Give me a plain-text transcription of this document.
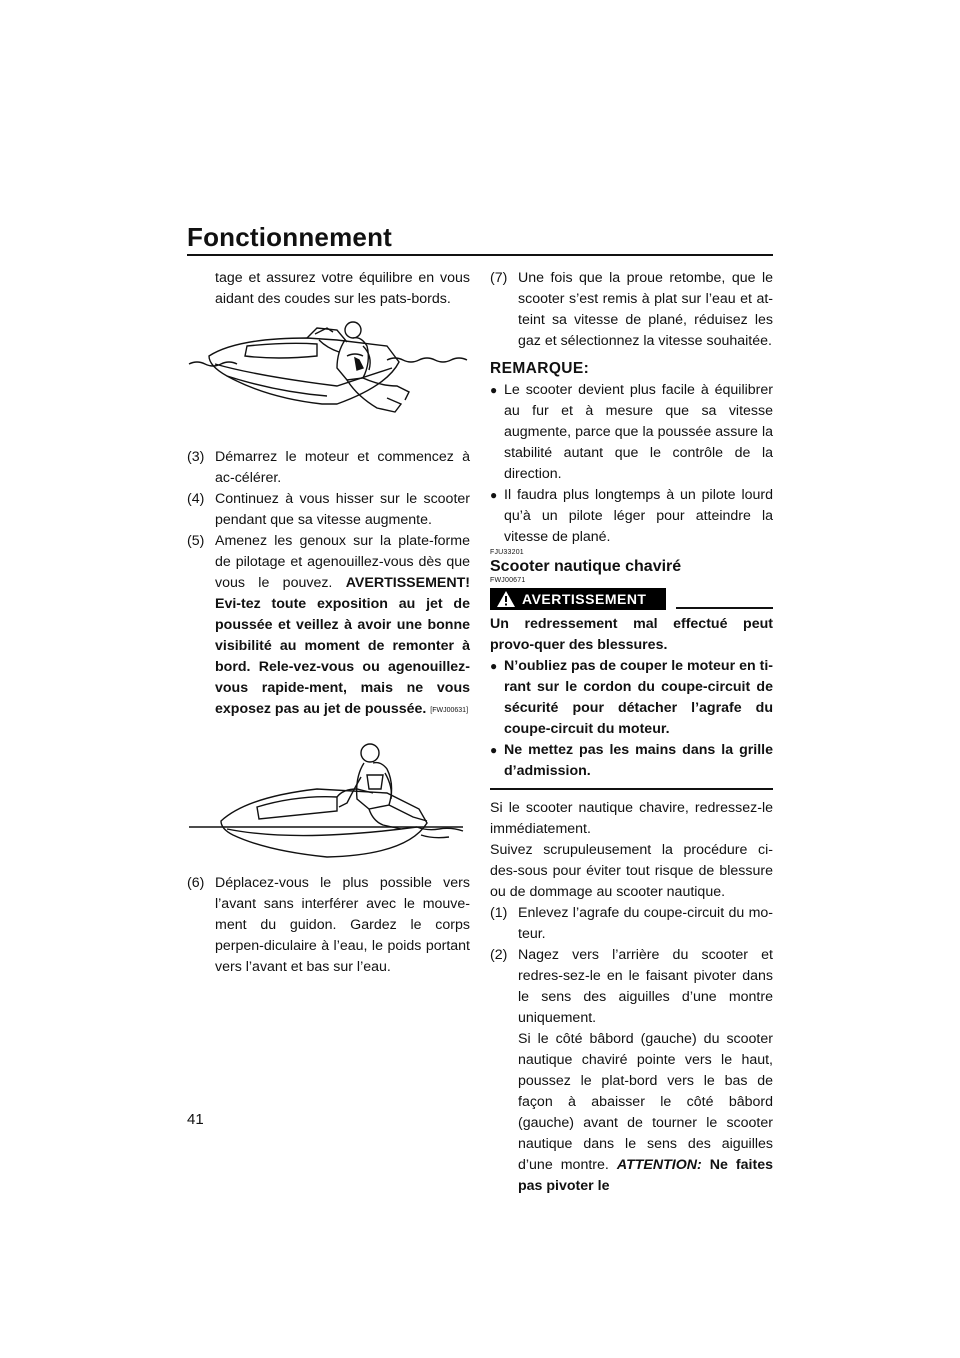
Fonctionnement

tage et assurez votre équilibre en vous aidant des coudes sur les pats-bords.

(3) Démarrez le moteur et commencez à ac-célérer.
(4) Continuez à vous hisser sur le scooter pendant que sa vitesse augmente.
(5) Amenez les genoux sur la plate-forme de pilotage et agenouillez-vous dès que vous le pouvez. AVERTISSEMENT! Evi-tez toute exposition au jet de poussée et veillez à avoir une bonne visibilité au moment de remonter à bord. Rele-vez-vous ou agenouillez-vous rapide-ment, mais ne vous exposez pas au jet de poussée. [FWJ00631]
(6) Déplacez-vous le plus possible vers l’avant sans interférer avec le mouve-ment du guidon. Gardez le corps perpen-diculaire à l’eau, le poids portant vers l’avant et bas sur l’eau.
(7) Une fois que la proue retombe, que le scooter s’est remis à plat sur l’eau et at-teint sa vitesse de plané, réduisez les gaz et sélectionnez la vitesse souhaitée.
REMARQUE:
● Le scooter devient plus facile à équilibrer au fur et à mesure que sa vitesse augmente, parce que la poussée assure la stabilité autant que le contrôle de la direction.
● Il faudra plus longtemps à un pilote lourd qu’à un pilote léger pour atteindre la vitesse de plané.
FJU33201
Scooter nautique chaviré
FWJ00671
AVERTISSEMENT

Un redressement mal effectué peut provo-quer des blessures.

● N’oubliez pas de couper le moteur en ti-rant sur le cordon du coupe-circuit de sécurité pour détacher l’agrafe du coupe-circuit du moteur.
● Ne mettez pas les mains dans la grille d’admission.

Si le scooter nautique chavire, redressez-le immédiatement.

Suivez scrupuleusement la procédure ci-des-sous pour éviter tout risque de blessure ou de dommage au scooter nautique.

(1) Enlevez l’agrafe du coupe-circuit du mo-teur.
(2) Nagez vers l’arrière du scooter et redres-sez-le en le faisant pivoter dans le sens des aiguilles d’une montre uniquement.

Si le côté bâbord (gauche) du scooter nautique chaviré pointe vers le haut, poussez le plat-bord vers le bas de façon à abaisser le côté bâbord (gauche) avant de tourner le scooter nautique dans le sens des aiguilles d’une montre. ATTENTION: Ne faites pas pivoter le

41
